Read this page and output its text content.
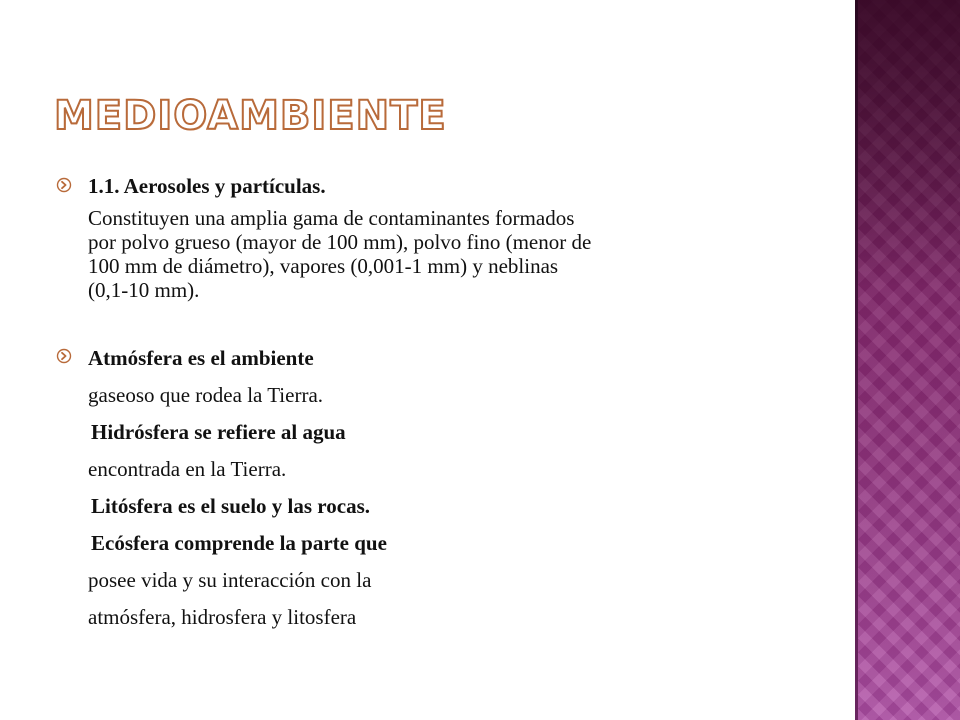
MEDIOAMBIENTE
1.1. Aerosoles y partículas.
Constituyen una amplia gama de contaminantes formados
por polvo grueso (mayor de 100 mm), polvo fino (menor de
100 mm de diámetro), vapores (0,001-1 mm) y neblinas
(0,1-10 mm).
Atmósfera es el ambiente
gaseoso que rodea la Tierra.
Hidrósfera se refiere al agua
encontrada en la Tierra.
Litósfera es el suelo y las rocas.
Ecósfera comprende la parte que
posee vida y su interacción con la
atmósfera, hidrosfera y litosfera
